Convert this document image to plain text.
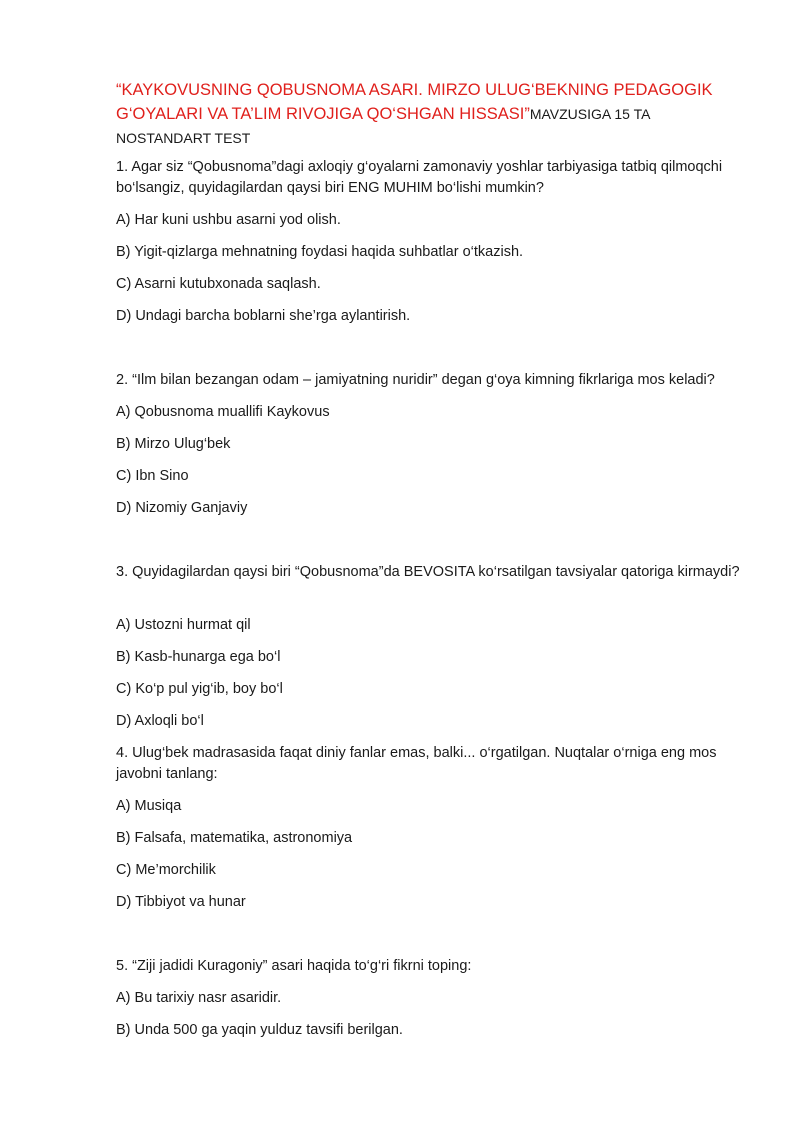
“KAYKOVUSNING QOBUSNOMA ASARI. MIRZO ULUG‘BEKNING PEDAGOGIK G‘OYALARI VA TA’LIM RIVOJIGA QO‘SHGAN HISSASI”MAVZUSIGA 15 TA NOSTANDART TEST

1. Agar siz “Qobusnoma”dagi axloqiy g‘oyalarni zamonaviy yoshlar tarbiyasiga tatbiq qilmoqchi bo‘lsangiz, quyidagilardan qaysi biri ENG MUHIM bo‘lishi mumkin?

A) Har kuni ushbu asarni yod olish.

B) Yigit-qizlarga mehnatning foydasi haqida suhbatlar o‘tkazish.

C) Asarni kutubxonada saqlash.

D) Undagi barcha boblarni she’rga aylantirish.

2. “Ilm bilan bezangan odam – jamiyatning nuridir” degan g‘oya kimning fikrlariga mos keladi?

A) Qobusnoma muallifi Kaykovus

B) Mirzo Ulug‘bek

C) Ibn Sino

D) Nizomiy Ganjaviy

3. Quyidagilardan qaysi biri “Qobusnoma”da BEVOSITA ko‘rsatilgan tavsiyalar qatoriga kirmaydi?

A) Ustozni hurmat qil

B) Kasb-hunarga ega bo‘l

C) Ko‘p pul yig‘ib, boy bo‘l

D) Axloqli bo‘l

4. Ulug‘bek madrasasida faqat diniy fanlar emas, balki... o‘rgatilgan. Nuqtalar o‘rniga eng mos javobni tanlang:

A) Musiqa

B) Falsafa, matematika, astronomiya

C) Me’morchilik

D) Tibbiyot va hunar

5. “Ziji jadidi Kuragoniy” asari haqida to‘g‘ri fikrni toping:

A) Bu tarixiy nasr asaridir.

B) Unda 500 ga yaqin yulduz tavsifi berilgan.
